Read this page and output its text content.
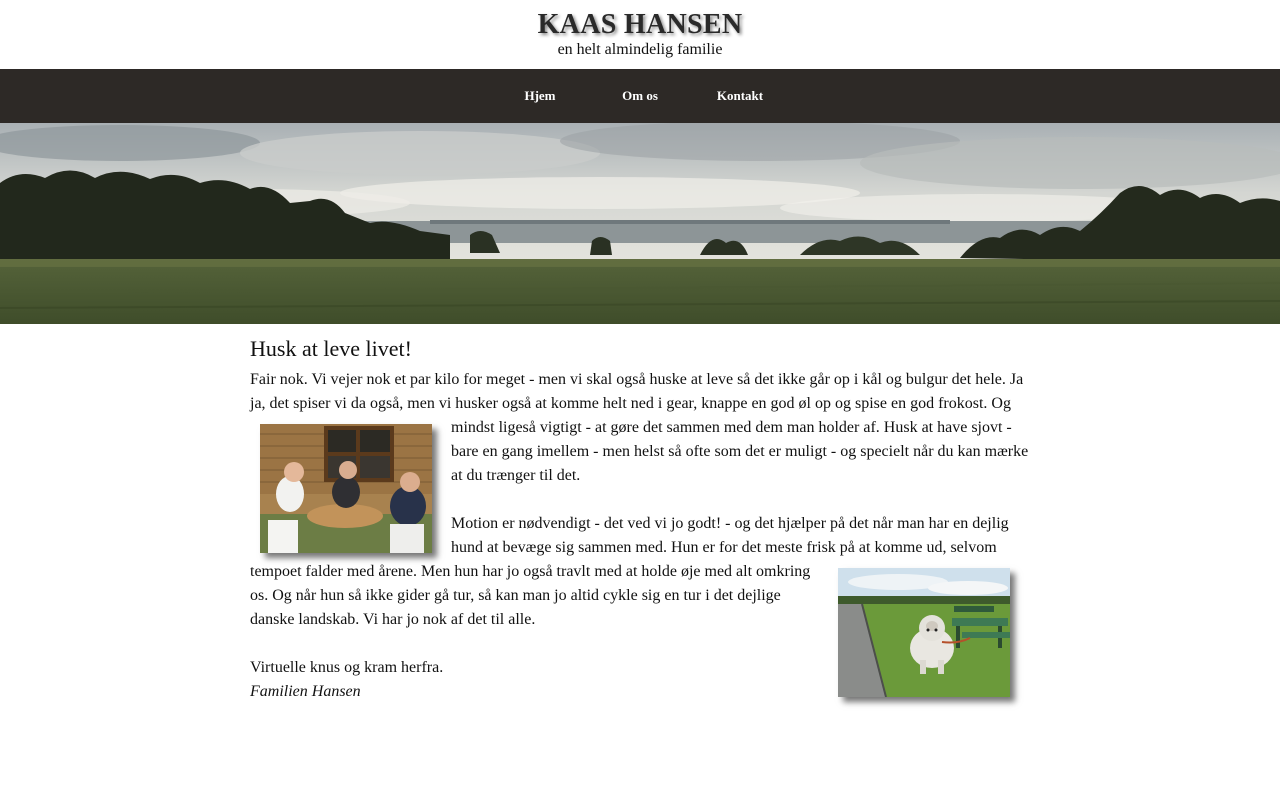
KAAS HANSEN

en helt almindelig familie

Hjem	Om os	Kontakt
Husk at leve livet!

Fair nok. Vi vejer nok et par kilo for meget - men vi skal også huske at leve så det ikke går op i kål og bulgur det hele. Ja ja, det spiser vi da også, men vi husker også at komme helt ned i gear, knappe en god øl op og spise en god frokost. Og mindst ligeså vigtigt - at gøre det sammen med dem man holder af. Husk at have sjovt - bare en gang imellem - men helst så ofte som det er muligt - og specielt når du kan mærke at du trænger til det.

Motion er nødvendigt - det ved vi jo godt! - og det hjælper på det når man har en dejlig hund at bevæge sig sammen med. Hun er for det meste frisk på at komme ud, selvom tempoet falder med årene. Men hun har jo også travlt med at holde øje med alt omkring os. Og når hun så ikke gider gå tur, så kan man jo altid cykle sig en tur i det dejlige danske landskab. Vi har jo nok af det til alle.

Virtuelle knus og kram herfra.

Familien Hansen
